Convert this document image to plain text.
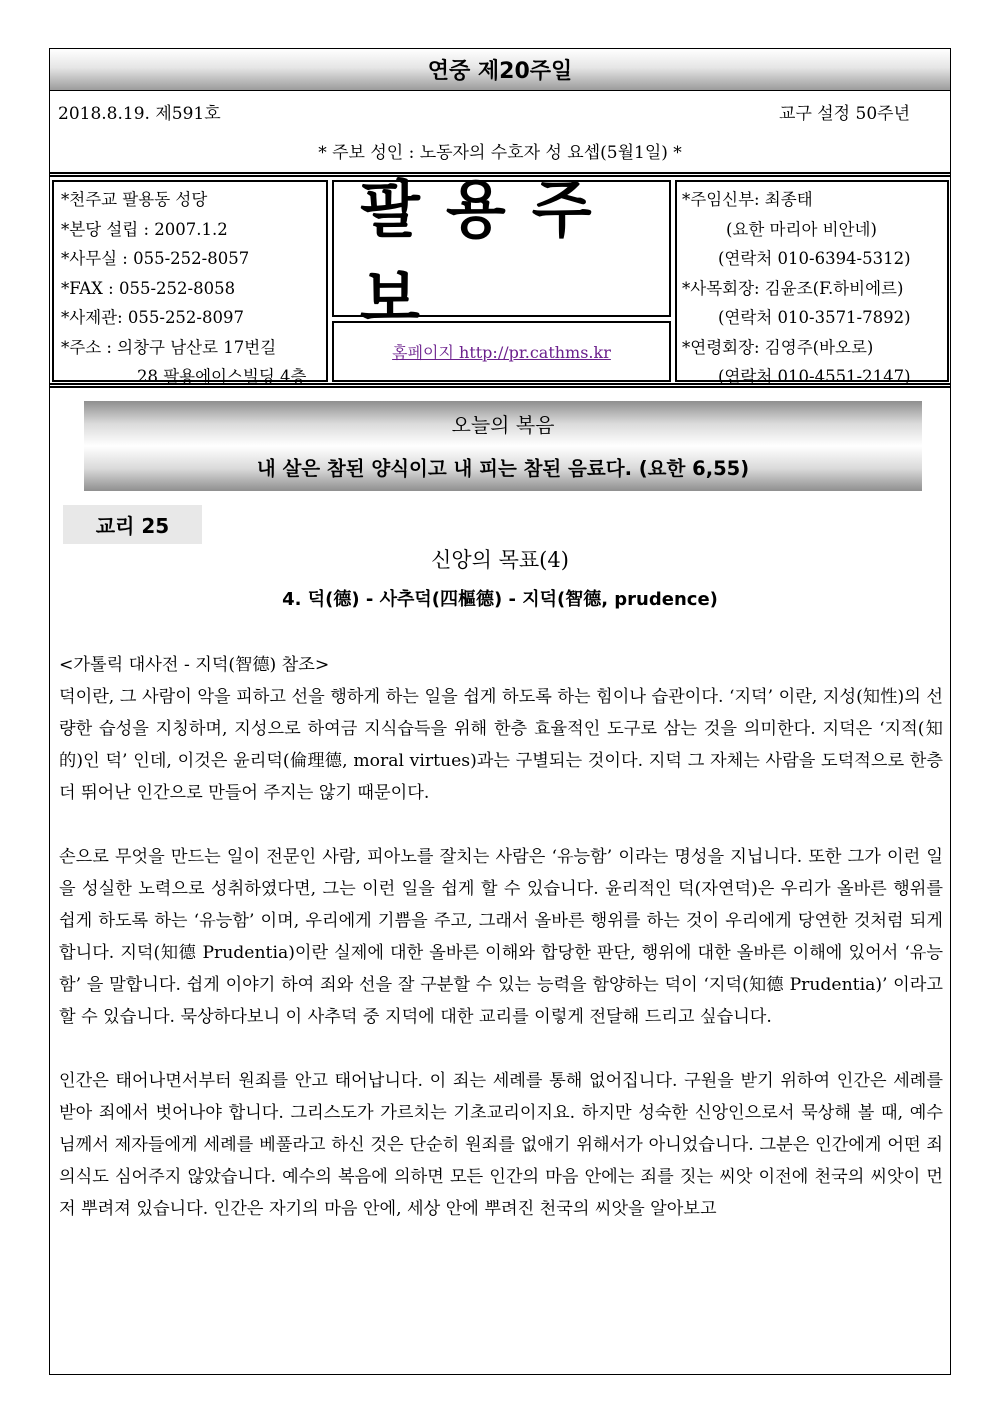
연중 제20주일
2018.8.19. 제591호	교구 설정 50주년
* 주보 성인 : 노동자의 수호자 성 요셉(5월1일) *
*천주교 팔용동 성당
*본당 설립 : 2007.1.2
*사무실 : 055-252-8057
*FAX : 055-252-8058
*사제관: 055-252-8097
*주소 : 의창구 남산로 17번길
28 팔용에이스빌딩 4층
팔용주보
홈페이지 http://pr.cathms.kr
*주임신부: 최종태
(요한 마리아 비안네)
(연락처 010-6394-5312)
*사목회장: 김윤조(F.하비에르)
(연락처 010-3571-7892)
*연령회장: 김영주(바오로)
(연락처 010-4551-2147)
오늘의 복음
내 살은 참된 양식이고 내 피는 참된 음료다. (요한 6,55)
교리 25
신앙의 목표(4)
4. 덕(德) - 사추덕(四樞德) - 지덕(智德, prudence)

<가톨릭 대사전 - 지덕(智德) 참조>

덕이란, 그 사람이 악을 피하고 선을 행하게 하는 일을 쉽게 하도록 하는 힘이나 습관이다. ‘지덕’ 이란, 지성(知性)의 선량한 습성을 지칭하며, 지성으로 하여금 지식습득을 위해 한층 효율적인 도구로 삼는 것을 의미한다. 지덕은 ‘지적(知的)인 덕’ 인데, 이것은 윤리덕(倫理德, moral virtues)과는 구별되는 것이다. 지덕 그 자체는 사람을 도덕적으로 한층 더 뛰어난 인간으로 만들어 주지는 않기 때문이다.

손으로 무엇을 만드는 일이 전문인 사람, 피아노를 잘치는 사람은 ‘유능함’ 이라는 명성을 지닙니다. 또한 그가 이런 일을 성실한 노력으로 성취하였다면, 그는 이런 일을 쉽게 할 수 있습니다. 윤리적인 덕(자연덕)은 우리가 올바른 행위를 쉽게 하도록 하는 ‘유능함’ 이며, 우리에게 기쁨을 주고, 그래서 올바른 행위를 하는 것이 우리에게 당연한 것처럼 되게 합니다. 지덕(知德 Prudentia)이란 실제에 대한 올바른 이해와 합당한 판단, 행위에 대한 올바른 이해에 있어서 ‘유능함’ 을 말합니다. 쉽게 이야기 하여 죄와 선을 잘 구분할 수 있는 능력을 함양하는 덕이 ‘지덕(知德 Prudentia)’ 이라고 할 수 있습니다. 묵상하다보니 이 사추덕 중 지덕에 대한 교리를 이렇게 전달해 드리고 싶습니다.

인간은 태어나면서부터 원죄를 안고 태어납니다. 이 죄는 세례를 통해 없어집니다. 구원을 받기 위하여 인간은 세례를 받아 죄에서 벗어나야 합니다. 그리스도가 가르치는 기초교리이지요. 하지만 성숙한 신앙인으로서 묵상해 볼 때, 예수님께서 제자들에게 세례를 베풀라고 하신 것은 단순히 원죄를 없애기 위해서가 아니었습니다. 그분은 인간에게 어떤 죄의식도 심어주지 않았습니다. 예수의 복음에 의하면 모든 인간의 마음 안에는 죄를 짓는 씨앗 이전에 천국의 씨앗이 먼저 뿌려져 있습니다. 인간은 자기의 마음 안에, 세상 안에 뿌려진 천국의 씨앗을 알아보고
